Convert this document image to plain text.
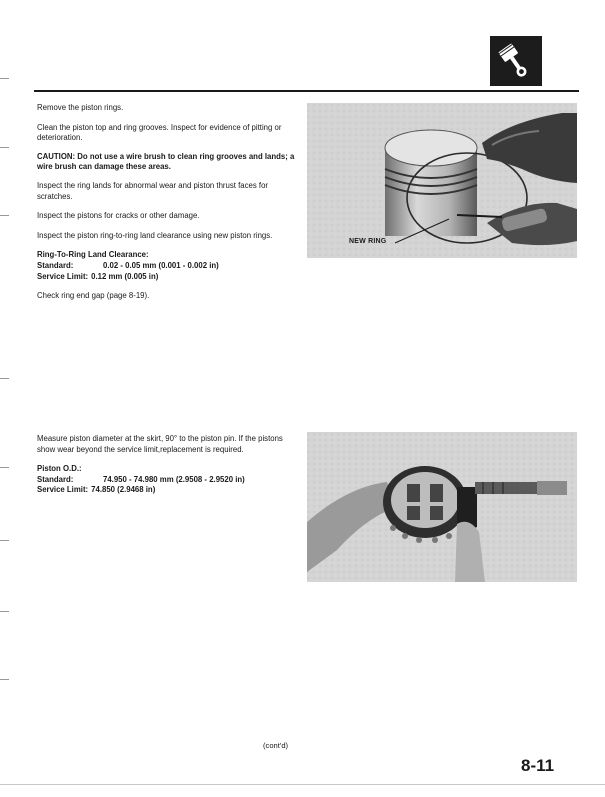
Remove the piston rings.

Clean the piston top and ring grooves. Inspect for evidence of pitting or deterioration.

CAUTION: Do not use a wire brush to clean ring grooves and lands; a wire brush can damage these areas.

Inspect the ring lands for abnormal wear and piston thrust faces for scratches.

Inspect the pistons for cracks or other damage.

Inspect the piston ring-to-ring land clearance using new piston rings.

Ring-To-Ring Land Clearance:

Standard:	0.02 - 0.05 mm (0.001 - 0.002 in)
Service Limit: 0.12 mm (0.005 in)

Check ring end gap (page 8-19).

NEW RING

Measure piston diameter at the skirt, 90° to the piston pin. If the pistons show wear beyond the service limit,replacement is required.

Piston O.D.:

Standard:	74.950 - 74.980 mm (2.9508 - 2.9520 in)
Service Limit: 74.850 (2.9468 in)
(cont'd)
8-11
